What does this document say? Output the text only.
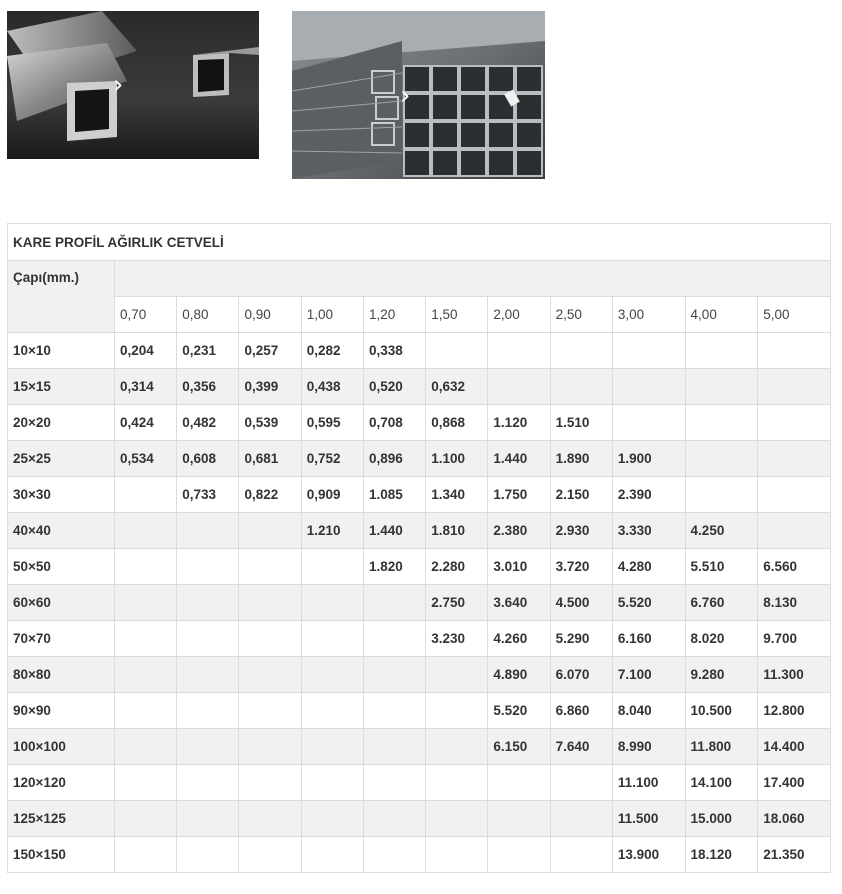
›	›
KARE PROFİL AĞIRLIK CETVELİ											
Çapı(mm.)											
	0,70	0,80	0,90	1,00	1,20	1,50	2,00	2,50	3,00	4,00	5,00
10×10	0,204	0,231	0,257	0,282	0,338						
15×15	0,314	0,356	0,399	0,438	0,520	0,632					
20×20	0,424	0,482	0,539	0,595	0,708	0,868	1.120	1.510			
25×25	0,534	0,608	0,681	0,752	0,896	1.100	1.440	1.890	1.900		
30×30		0,733	0,822	0,909	1.085	1.340	1.750	2.150	2.390		
40×40				1.210	1.440	1.810	2.380	2.930	3.330	4.250	
50×50					1.820	2.280	3.010	3.720	4.280	5.510	6.560
60×60						2.750	3.640	4.500	5.520	6.760	8.130
70×70						3.230	4.260	5.290	6.160	8.020	9.700
80×80							4.890	6.070	7.100	9.280	11.300
90×90							5.520	6.860	8.040	10.500	12.800
100×100							6.150	7.640	8.990	11.800	14.400
120×120									11.100	14.100	17.400
125×125									11.500	15.000	18.060
150×150									13.900	18.120	21.350
